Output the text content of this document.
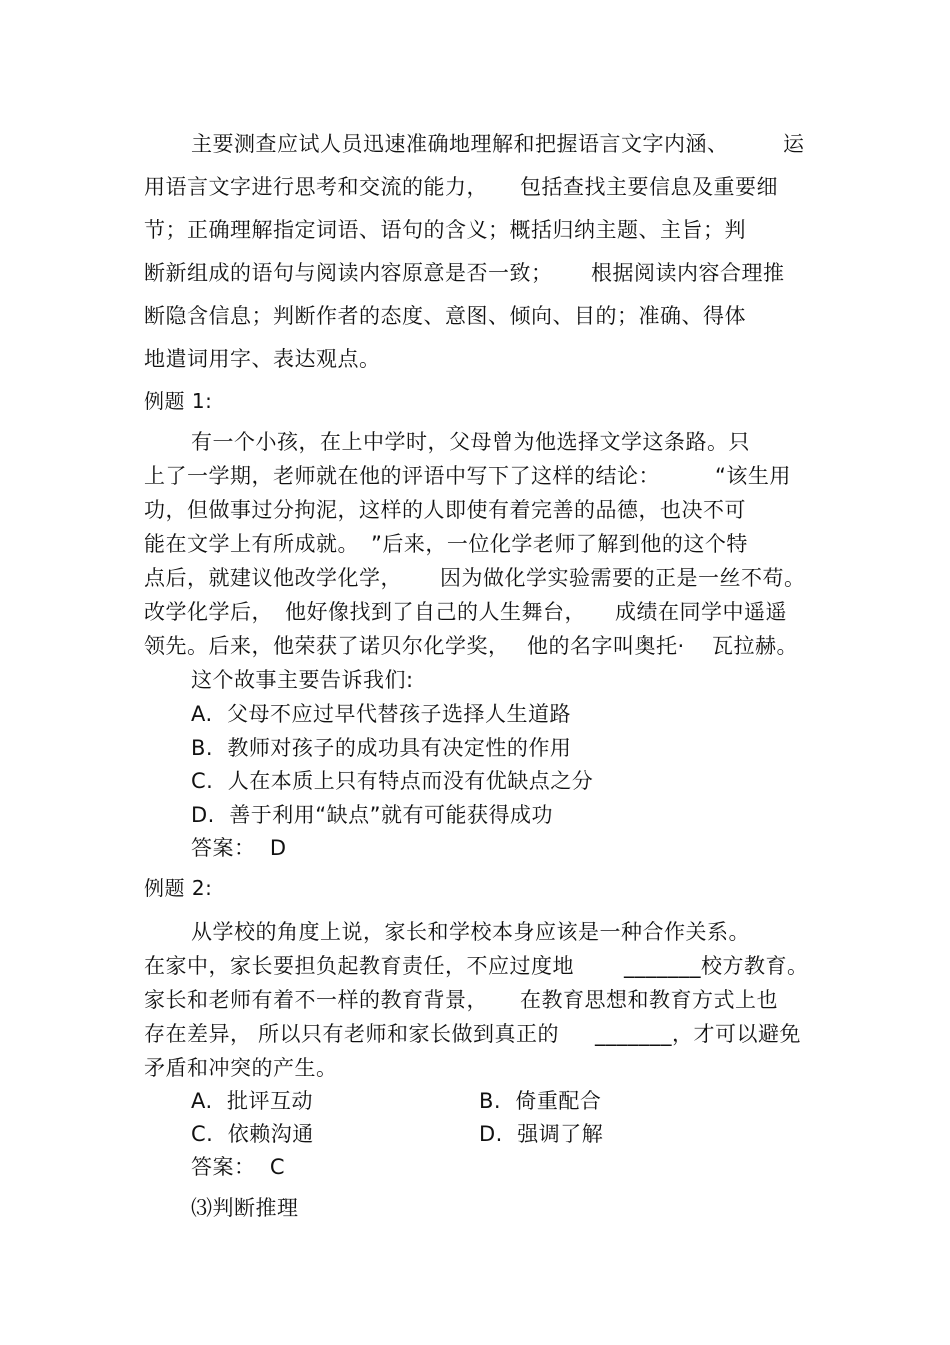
主要测查应试人员迅速准确地理解和把握语言文字内涵、	运

用语言文字进行思考和交流的能力， 包括查找主要信息及重要细

节；正确理解指定词语、语句的含义；概括归纳主题、主旨；判

断新组成的语句与阅读内容原意是否一致； 根据阅读内容合理推

断隐含信息；判断作者的态度、意图、倾向、目的；准确、得体

地遣词用字、表达观点。

例题 1:

有一个小孩，在上中学时，父母曾为他选择文学这条路。只

上了一学期，老师就在他的评语中写下了这样的结论：	“该生用

功，但做事过分拘泥，这样的人即使有着完善的品德，也决不可

能在文学上有所成就。 ”后来，一位化学老师了解到他的这个特

点后，就建议他改学化学， 因为做化学实验需要的正是一丝不苟。

改学化学后， 他好像找到了自己的人生舞台， 成绩在同学中遥遥

领先。后来，他荣获了诺贝尔化学奖， 他的名字叫奥托· 瓦拉赫。

这个故事主要告诉我们:

A.  父母不应过早代替孩子选择人生道路

B.  教师对孩子的成功具有决定性的作用

C.  人在本质上只有特点而没有优缺点之分

D.  善于利用“缺点”就有可能获得成功

答案：  D

例题 2:

从学校的角度上说，家长和学校本身应该是一种合作关系。

在家中，家长要担负起教育责任，不应过度地 _______校方教育。

家长和老师有着不一样的教育背景， 在教育思想和教育方式上也

存在差异， 所以只有老师和家长做到真正的 _______，才可以避免

矛盾和冲突的产生。

A.  批评互动	B.  倚重配合

C.  依赖沟通	D.  强调了解

答案：  C

⑶判断推理
